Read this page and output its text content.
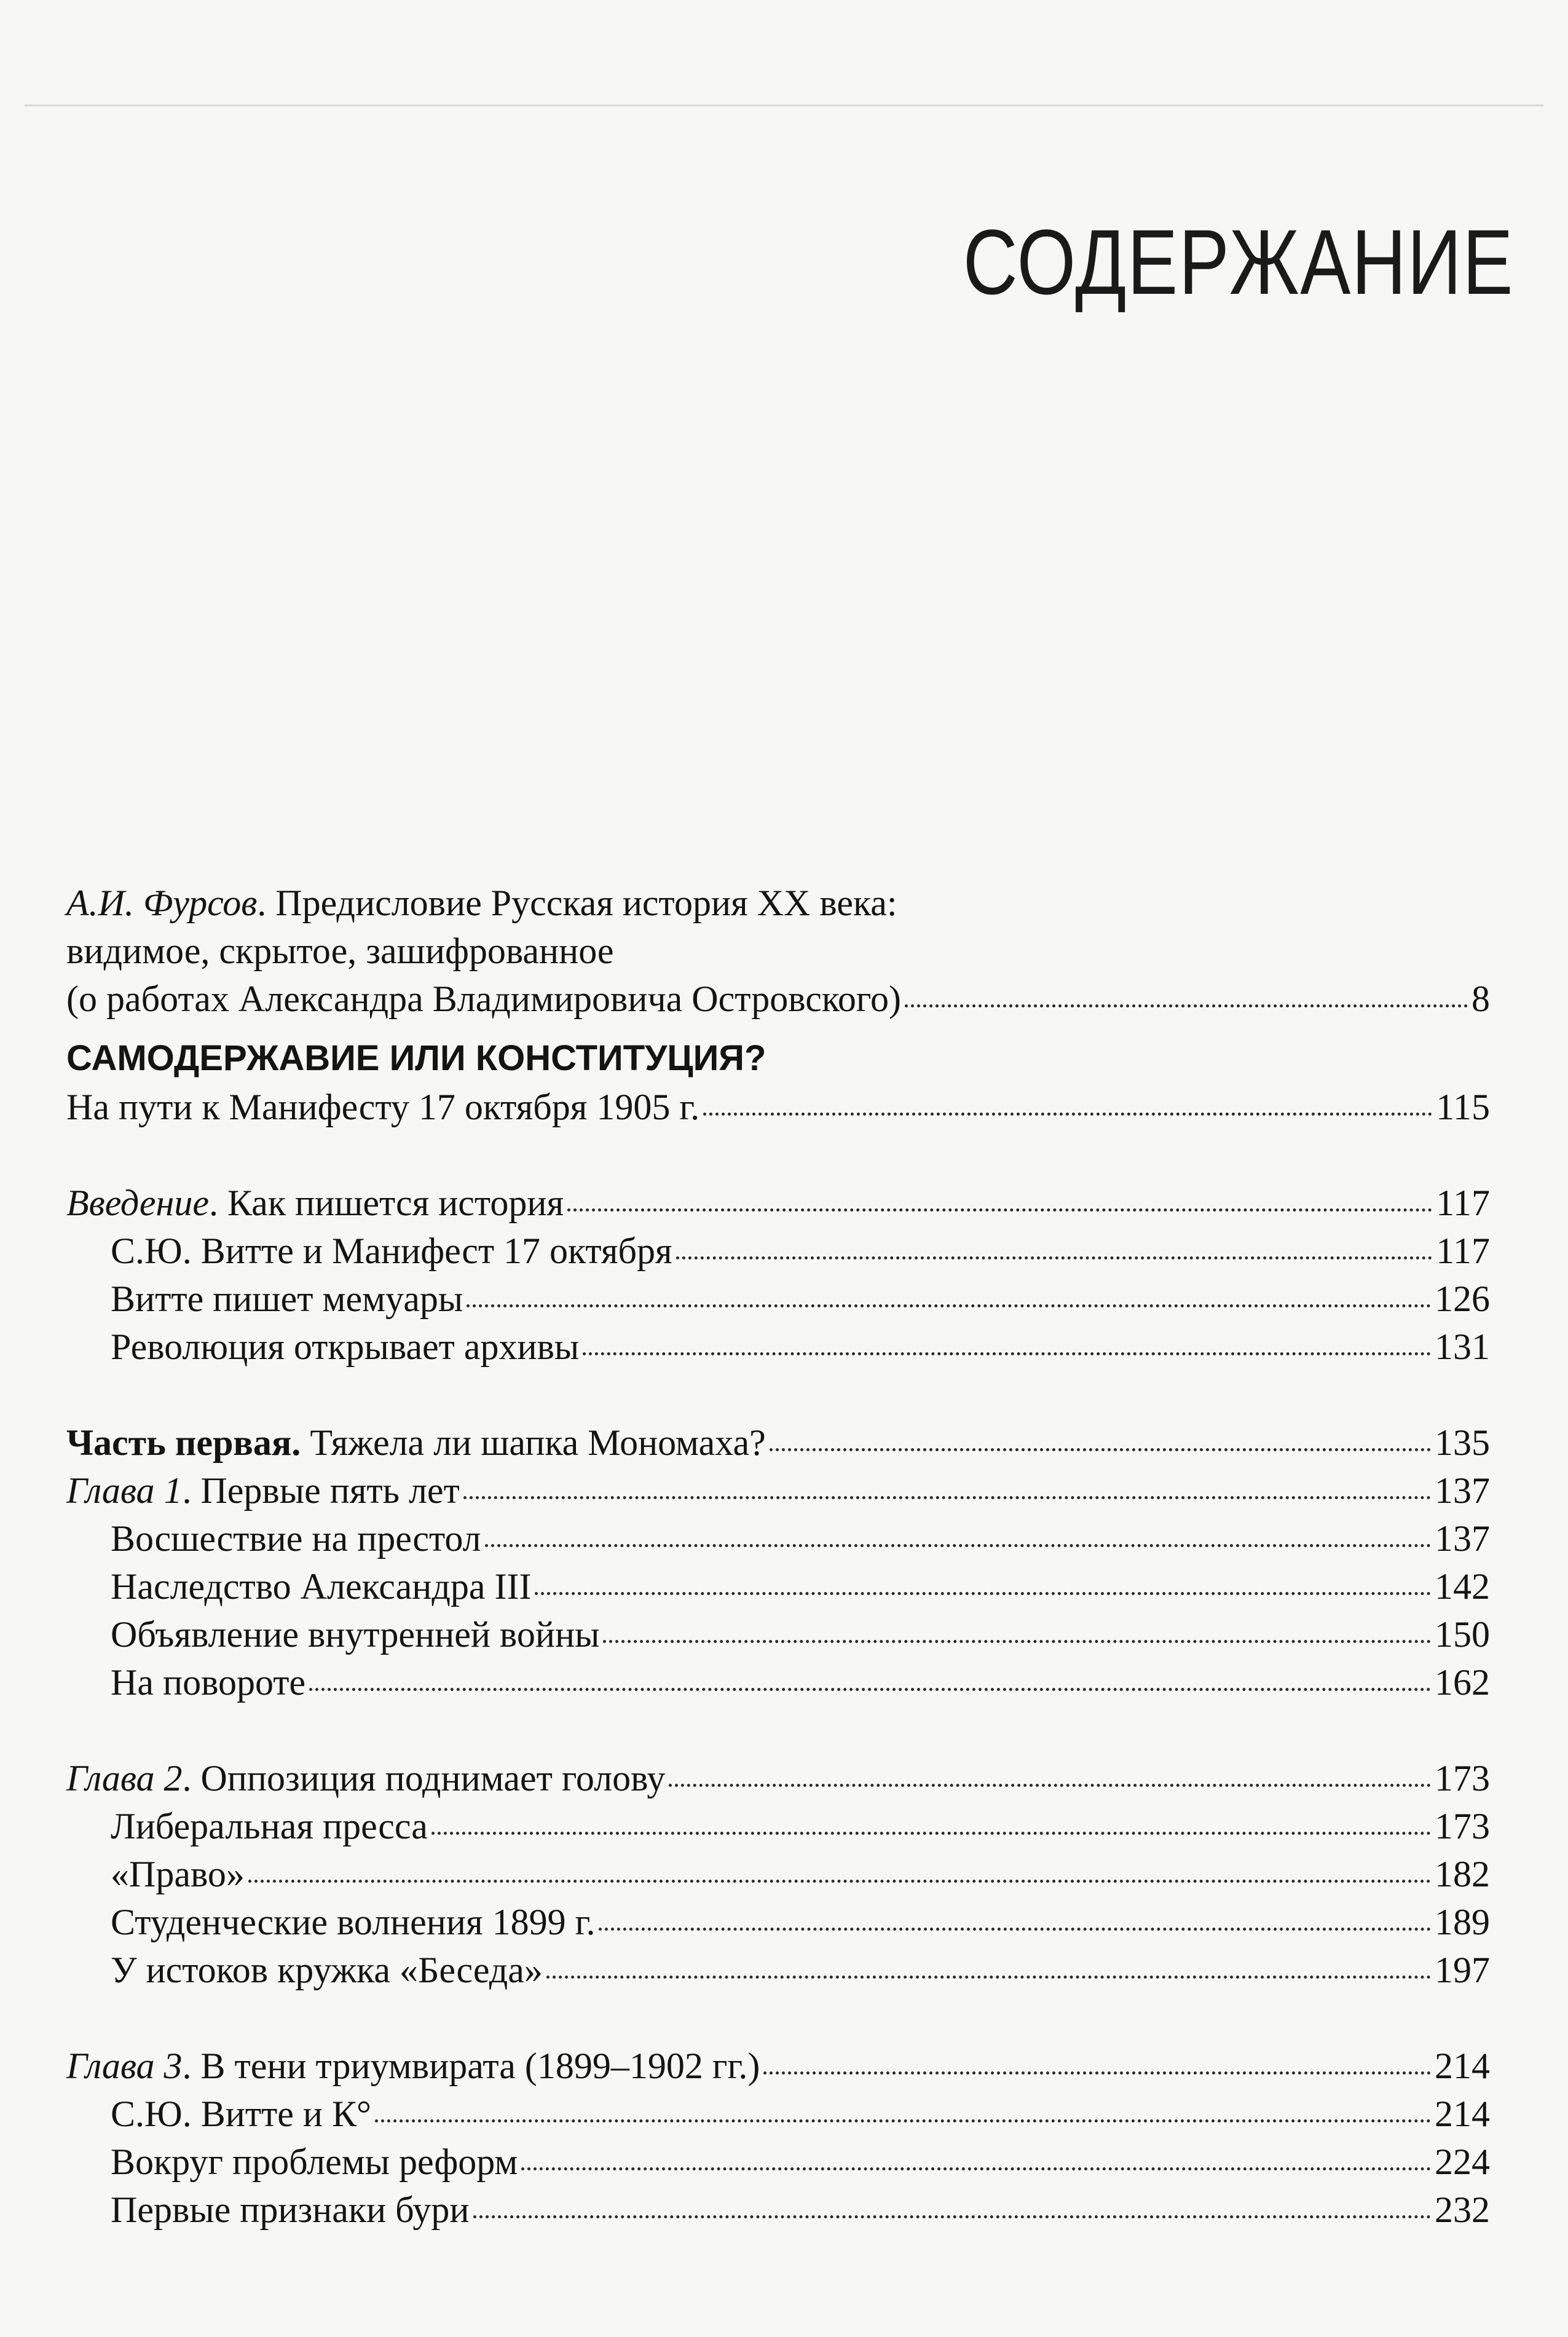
СОДЕРЖАНИЕ
А.И. Фурсов. Предисловие Русская история XX века:
видимое, скрытое, зашифрованное
(о работах Александра Владимировича Островского)	8
САМОДЕРЖАВИЕ ИЛИ КОНСТИТУЦИЯ?
На пути к Манифесту 17 октября 1905 г.	115
Введение. Как пишется история	117
С.Ю. Витте и Манифест 17 октября	117
Витте пишет мемуары	126
Революция открывает архивы	131
Часть первая. Тяжела ли шапка Мономаха?	135
Глава 1. Первые пять лет	137
Восшествие на престол	137
Наследство Александра III	142
Объявление внутренней войны	150
На повороте	162
Глава 2. Оппозиция поднимает голову	173
Либеральная пресса	173
«Право»	182
Студенческие волнения 1899 г.	189
У истоков кружка «Беседа»	197
Глава 3. В тени триумвирата (1899–1902 гг.)	214
С.Ю. Витте и К°	214
Вокруг проблемы реформ	224
Первые признаки бури	232
